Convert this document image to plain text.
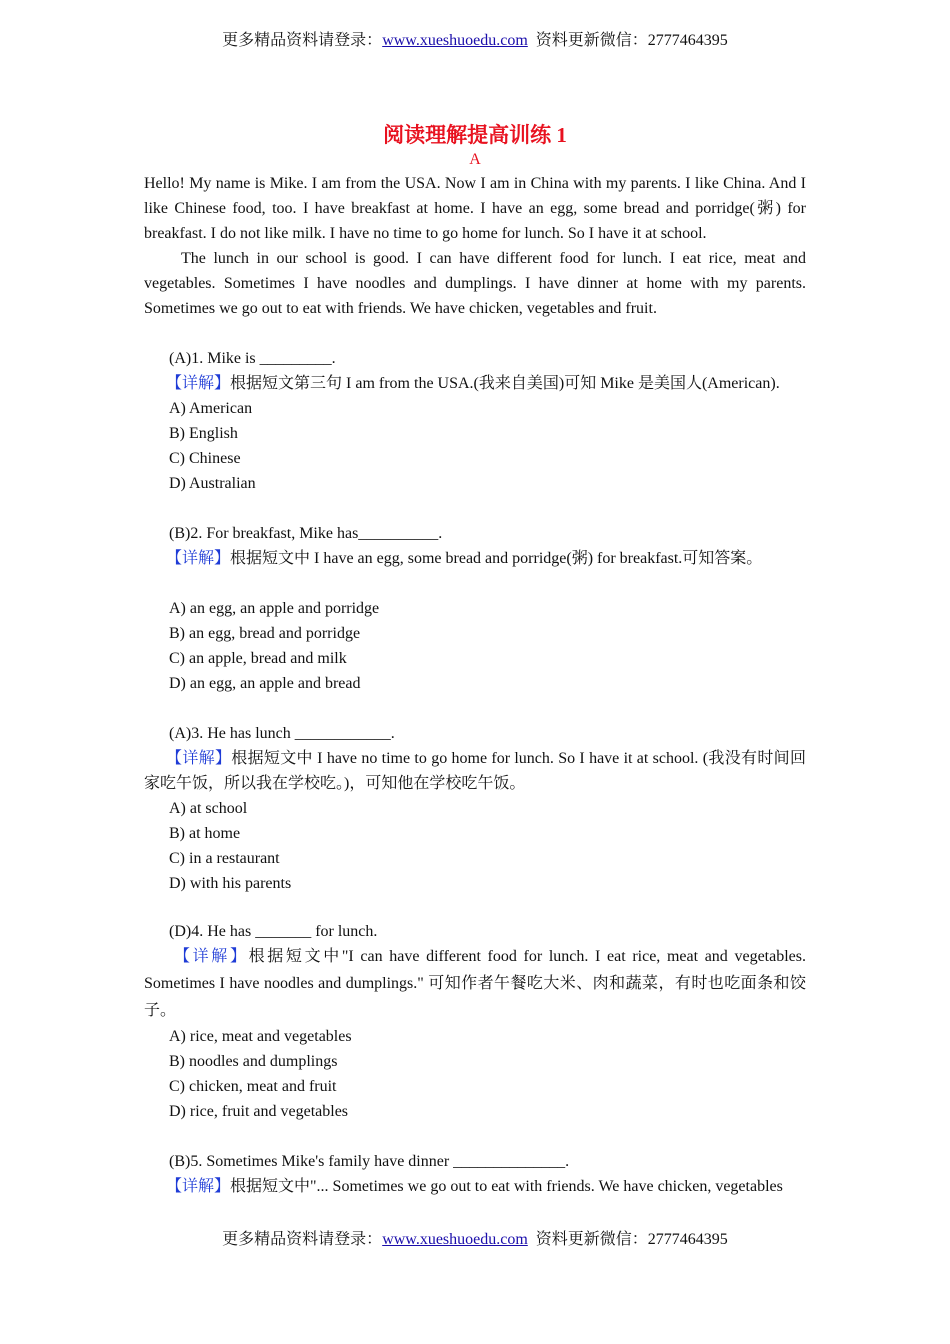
更多精品资料请登录：www.xueshuoedu.com 资料更新微信：2777464395
阅读理解提高训练 1
A

Hello! My name is Mike. I am from the USA. Now I am in China with my parents. I like China. And I like Chinese food, too. I have breakfast at home. I have an egg, some bread and porridge(粥) for breakfast. I do not like milk. I have no time to go home for lunch. So I have it at school.

The lunch in our school is good. I can have different food for lunch. I eat rice, meat and vegetables. Sometimes I have noodles and dumplings. I have dinner at home with my parents. Sometimes we go out to eat with friends. We have chicken, vegetables and fruit.

(A)1. Mike is _________.

【详解】根据短文第三句 I am from the USA.(我来自美国)可知 Mike 是美国人(American).

A) American

B) English

C) Chinese

D) Australian

(B)2. For breakfast, Mike has__________.

【详解】根据短文中 I have an egg, some bread and porridge(粥) for breakfast.可知答案。

A) an egg, an apple and porridge

B) an egg, bread and porridge

C) an apple, bread and milk

D) an egg, an apple and bread

(A)3. He has lunch ____________.

【详解】根据短文中 I have no time to go home for lunch. So I have it at school. (我没有时间回家吃午饭，所以我在学校吃。)，可知他在学校吃午饭。

A) at school

B) at home

C) in a restaurant

D) with his parents

(D)4. He has _______ for lunch.

【详解】根据短文中"I can have different food for lunch. I eat rice, meat and vegetables. Sometimes I have noodles and dumplings." 可知作者午餐吃大米、肉和蔬菜，有时也吃面条和饺子。

A) rice, meat and vegetables

B) noodles and dumplings

C) chicken, meat and fruit

D) rice, fruit and vegetables

(B)5. Sometimes Mike's family have dinner ______________.

【详解】根据短文中"... Sometimes we go out to eat with friends. We have chicken, vegetables

更多精品资料请登录：www.xueshuoedu.com 资料更新微信：2777464395
